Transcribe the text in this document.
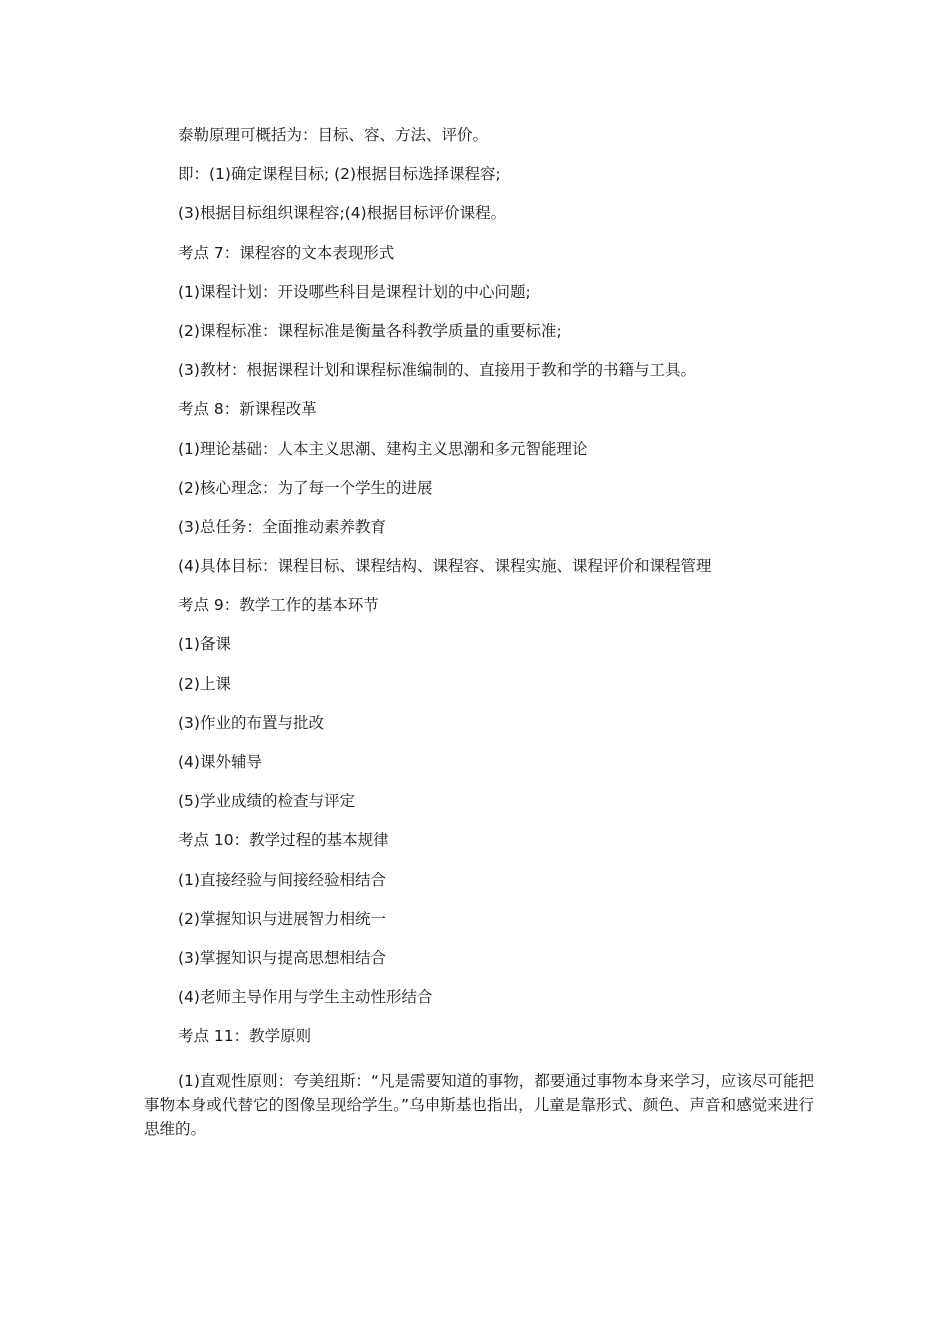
泰勒原理可概括为：目标、容、方法、评价。

即：(1)确定课程目标; (2)根据目标选择课程容;

(3)根据目标组织课程容;(4)根据目标评价课程。

考点 7：课程容的文本表现形式

(1)课程计划：开设哪些科目是课程计划的中心问题;

(2)课程标准：课程标准是衡量各科教学质量的重要标准;

(3)教材：根据课程计划和课程标准编制的、直接用于教和学的书籍与工具。

考点 8：新课程改革

(1)理论基础：人本主义思潮、建构主义思潮和多元智能理论

(2)核心理念：为了每一个学生的进展

(3)总任务：全面推动素养教育

(4)具体目标：课程目标、课程结构、课程容、课程实施、课程评价和课程管理

考点 9：教学工作的基本环节

(1)备课

(2)上课

(3)作业的布置与批改

(4)课外辅导

(5)学业成绩的检查与评定

考点 10：教学过程的基本规律

(1)直接经验与间接经验相结合

(2)掌握知识与进展智力相统一

(3)掌握知识与提高思想相结合

(4)老师主导作用与学生主动性形结合

考点 11：教学原则

(1)直观性原则：夸美纽斯：“凡是需要知道的事物，都要通过事物本身来学习，应该尽可能把事物本身或代替它的图像呈现给学生。”乌申斯基也指出，儿童是靠形式、颜色、声音和感觉来进行思维的。
